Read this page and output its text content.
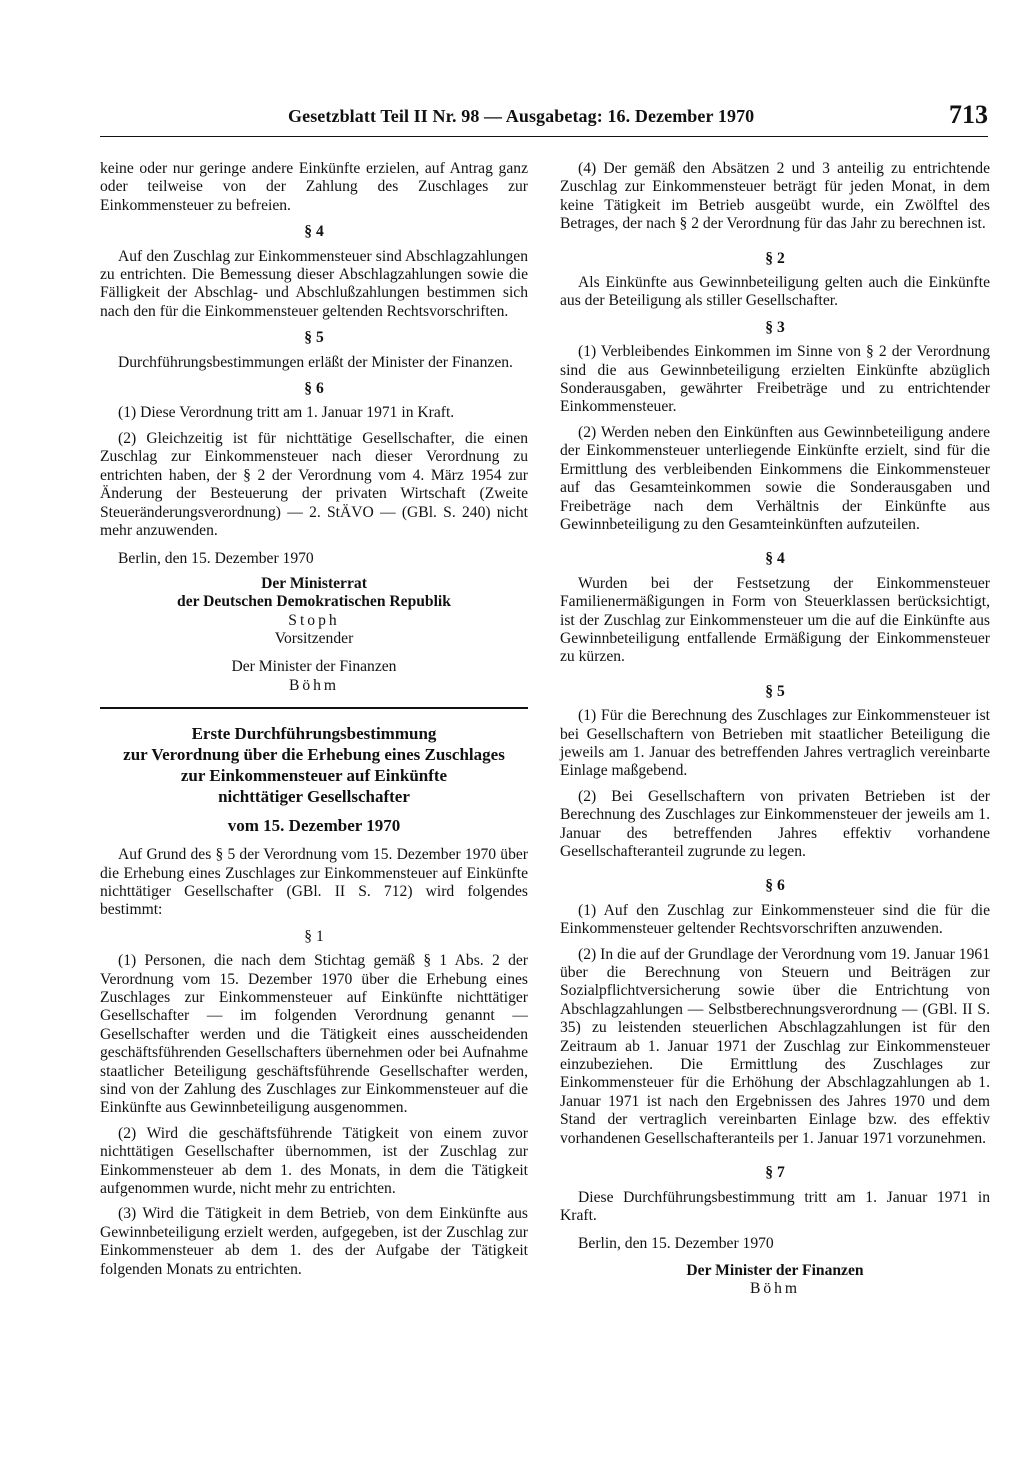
Gesetzblatt Teil II Nr. 98 — Ausgabetag: 16. Dezember 1970	713

keine oder nur geringe andere Einkünfte erzielen, auf Antrag ganz oder teilweise von der Zahlung des Zuschlages zur Einkommensteuer zu befreien.

§ 4

Auf den Zuschlag zur Einkommensteuer sind Abschlagzahlungen zu entrichten. Die Bemessung dieser Abschlagzahlungen sowie die Fälligkeit der Abschlag- und Abschlußzahlungen bestimmen sich nach den für die Einkommensteuer geltenden Rechtsvorschriften.

§ 5

Durchführungsbestimmungen erläßt der Minister der Finanzen.

§ 6

(1) Diese Verordnung tritt am 1. Januar 1971 in Kraft.

(2) Gleichzeitig ist für nichttätige Gesellschafter, die einen Zuschlag zur Einkommensteuer nach dieser Verordnung zu entrichten haben, der § 2 der Verordnung vom 4. März 1954 zur Änderung der Besteuerung der privaten Wirtschaft (Zweite Steueränderungsverordnung) — 2. StÄVO — (GBl. S. 240) nicht mehr anzuwenden.

Berlin, den 15. Dezember 1970
Der Ministerrat
der Deutschen Demokratischen Republik
Stoph
Vorsitzender
Der Minister der Finanzen
Böhm
Erste Durchführungsbestimmung
zur Verordnung über die Erhebung eines Zuschlages
zur Einkommensteuer auf Einkünfte
nichttätiger Gesellschafter
vom 15. Dezember 1970

Auf Grund des § 5 der Verordnung vom 15. Dezember 1970 über die Erhebung eines Zuschlages zur Einkommensteuer auf Einkünfte nichttätiger Gesellschafter (GBl. II S. 712) wird folgendes bestimmt:

§ 1

(1) Personen, die nach dem Stichtag gemäß § 1 Abs. 2 der Verordnung vom 15. Dezember 1970 über die Erhebung eines Zuschlages zur Einkommensteuer auf Einkünfte nichttätiger Gesellschafter — im folgenden Verordnung genannt — Gesellschafter werden und die Tätigkeit eines ausscheidenden geschäftsführenden Gesellschafters übernehmen oder bei Aufnahme staatlicher Beteiligung geschäftsführende Gesellschafter werden, sind von der Zahlung des Zuschlages zur Einkommensteuer auf die Einkünfte aus Gewinnbeteiligung ausgenommen.

(2) Wird die geschäftsführende Tätigkeit von einem zuvor nichttätigen Gesellschafter übernommen, ist der Zuschlag zur Einkommensteuer ab dem 1. des Monats, in dem die Tätigkeit aufgenommen wurde, nicht mehr zu entrichten.

(3) Wird die Tätigkeit in dem Betrieb, von dem Einkünfte aus Gewinnbeteiligung erzielt werden, aufgegeben, ist der Zuschlag zur Einkommensteuer ab dem 1. des der Aufgabe der Tätigkeit folgenden Monats zu entrichten.

(4) Der gemäß den Absätzen 2 und 3 anteilig zu entrichtende Zuschlag zur Einkommensteuer beträgt für jeden Monat, in dem keine Tätigkeit im Betrieb ausgeübt wurde, ein Zwölftel des Betrages, der nach § 2 der Verordnung für das Jahr zu berechnen ist.

§ 2

Als Einkünfte aus Gewinnbeteiligung gelten auch die Einkünfte aus der Beteiligung als stiller Gesellschafter.

§ 3

(1) Verbleibendes Einkommen im Sinne von § 2 der Verordnung sind die aus Gewinnbeteiligung erzielten Einkünfte abzüglich Sonderausgaben, gewährter Freibeträge und zu entrichtender Einkommensteuer.

(2) Werden neben den Einkünften aus Gewinnbeteiligung andere der Einkommensteuer unterliegende Einkünfte erzielt, sind für die Ermittlung des verbleibenden Einkommens die Einkommensteuer auf das Gesamteinkommen sowie die Sonderausgaben und Freibeträge nach dem Verhältnis der Einkünfte aus Gewinnbeteiligung zu den Gesamteinkünften aufzuteilen.

§ 4

Wurden bei der Festsetzung der Einkommensteuer Familienermäßigungen in Form von Steuerklassen berücksichtigt, ist der Zuschlag zur Einkommensteuer um die auf die Einkünfte aus Gewinnbeteiligung entfallende Ermäßigung der Einkommensteuer zu kürzen.

§ 5

(1) Für die Berechnung des Zuschlages zur Einkommensteuer ist bei Gesellschaftern von Betrieben mit staatlicher Beteiligung die jeweils am 1. Januar des betreffenden Jahres vertraglich vereinbarte Einlage maßgebend.

(2) Bei Gesellschaftern von privaten Betrieben ist der Berechnung des Zuschlages zur Einkommensteuer der jeweils am 1. Januar des betreffenden Jahres effektiv vorhandene Gesellschafteranteil zugrunde zu legen.

§ 6

(1) Auf den Zuschlag zur Einkommensteuer sind die für die Einkommensteuer geltender Rechtsvorschriften anzuwenden.

(2) In die auf der Grundlage der Verordnung vom 19. Januar 1961 über die Berechnung von Steuern und Beiträgen zur Sozialpflichtversicherung sowie über die Entrichtung von Abschlagzahlungen — Selbstberechnungsverordnung — (GBl. II S. 35) zu leistenden steuerlichen Abschlagzahlungen ist für den Zeitraum ab 1. Januar 1971 der Zuschlag zur Einkommensteuer einzubeziehen. Die Ermittlung des Zuschlages zur Einkommensteuer für die Erhöhung der Abschlagzahlungen ab 1. Januar 1971 ist nach den Ergebnissen des Jahres 1970 und dem Stand der vertraglich vereinbarten Einlage bzw. des effektiv vorhandenen Gesellschafteranteils per 1. Januar 1971 vorzunehmen.

§ 7

Diese Durchführungsbestimmung tritt am 1. Januar 1971 in Kraft.

Berlin, den 15. Dezember 1970
Der Minister der Finanzen
Böhm
